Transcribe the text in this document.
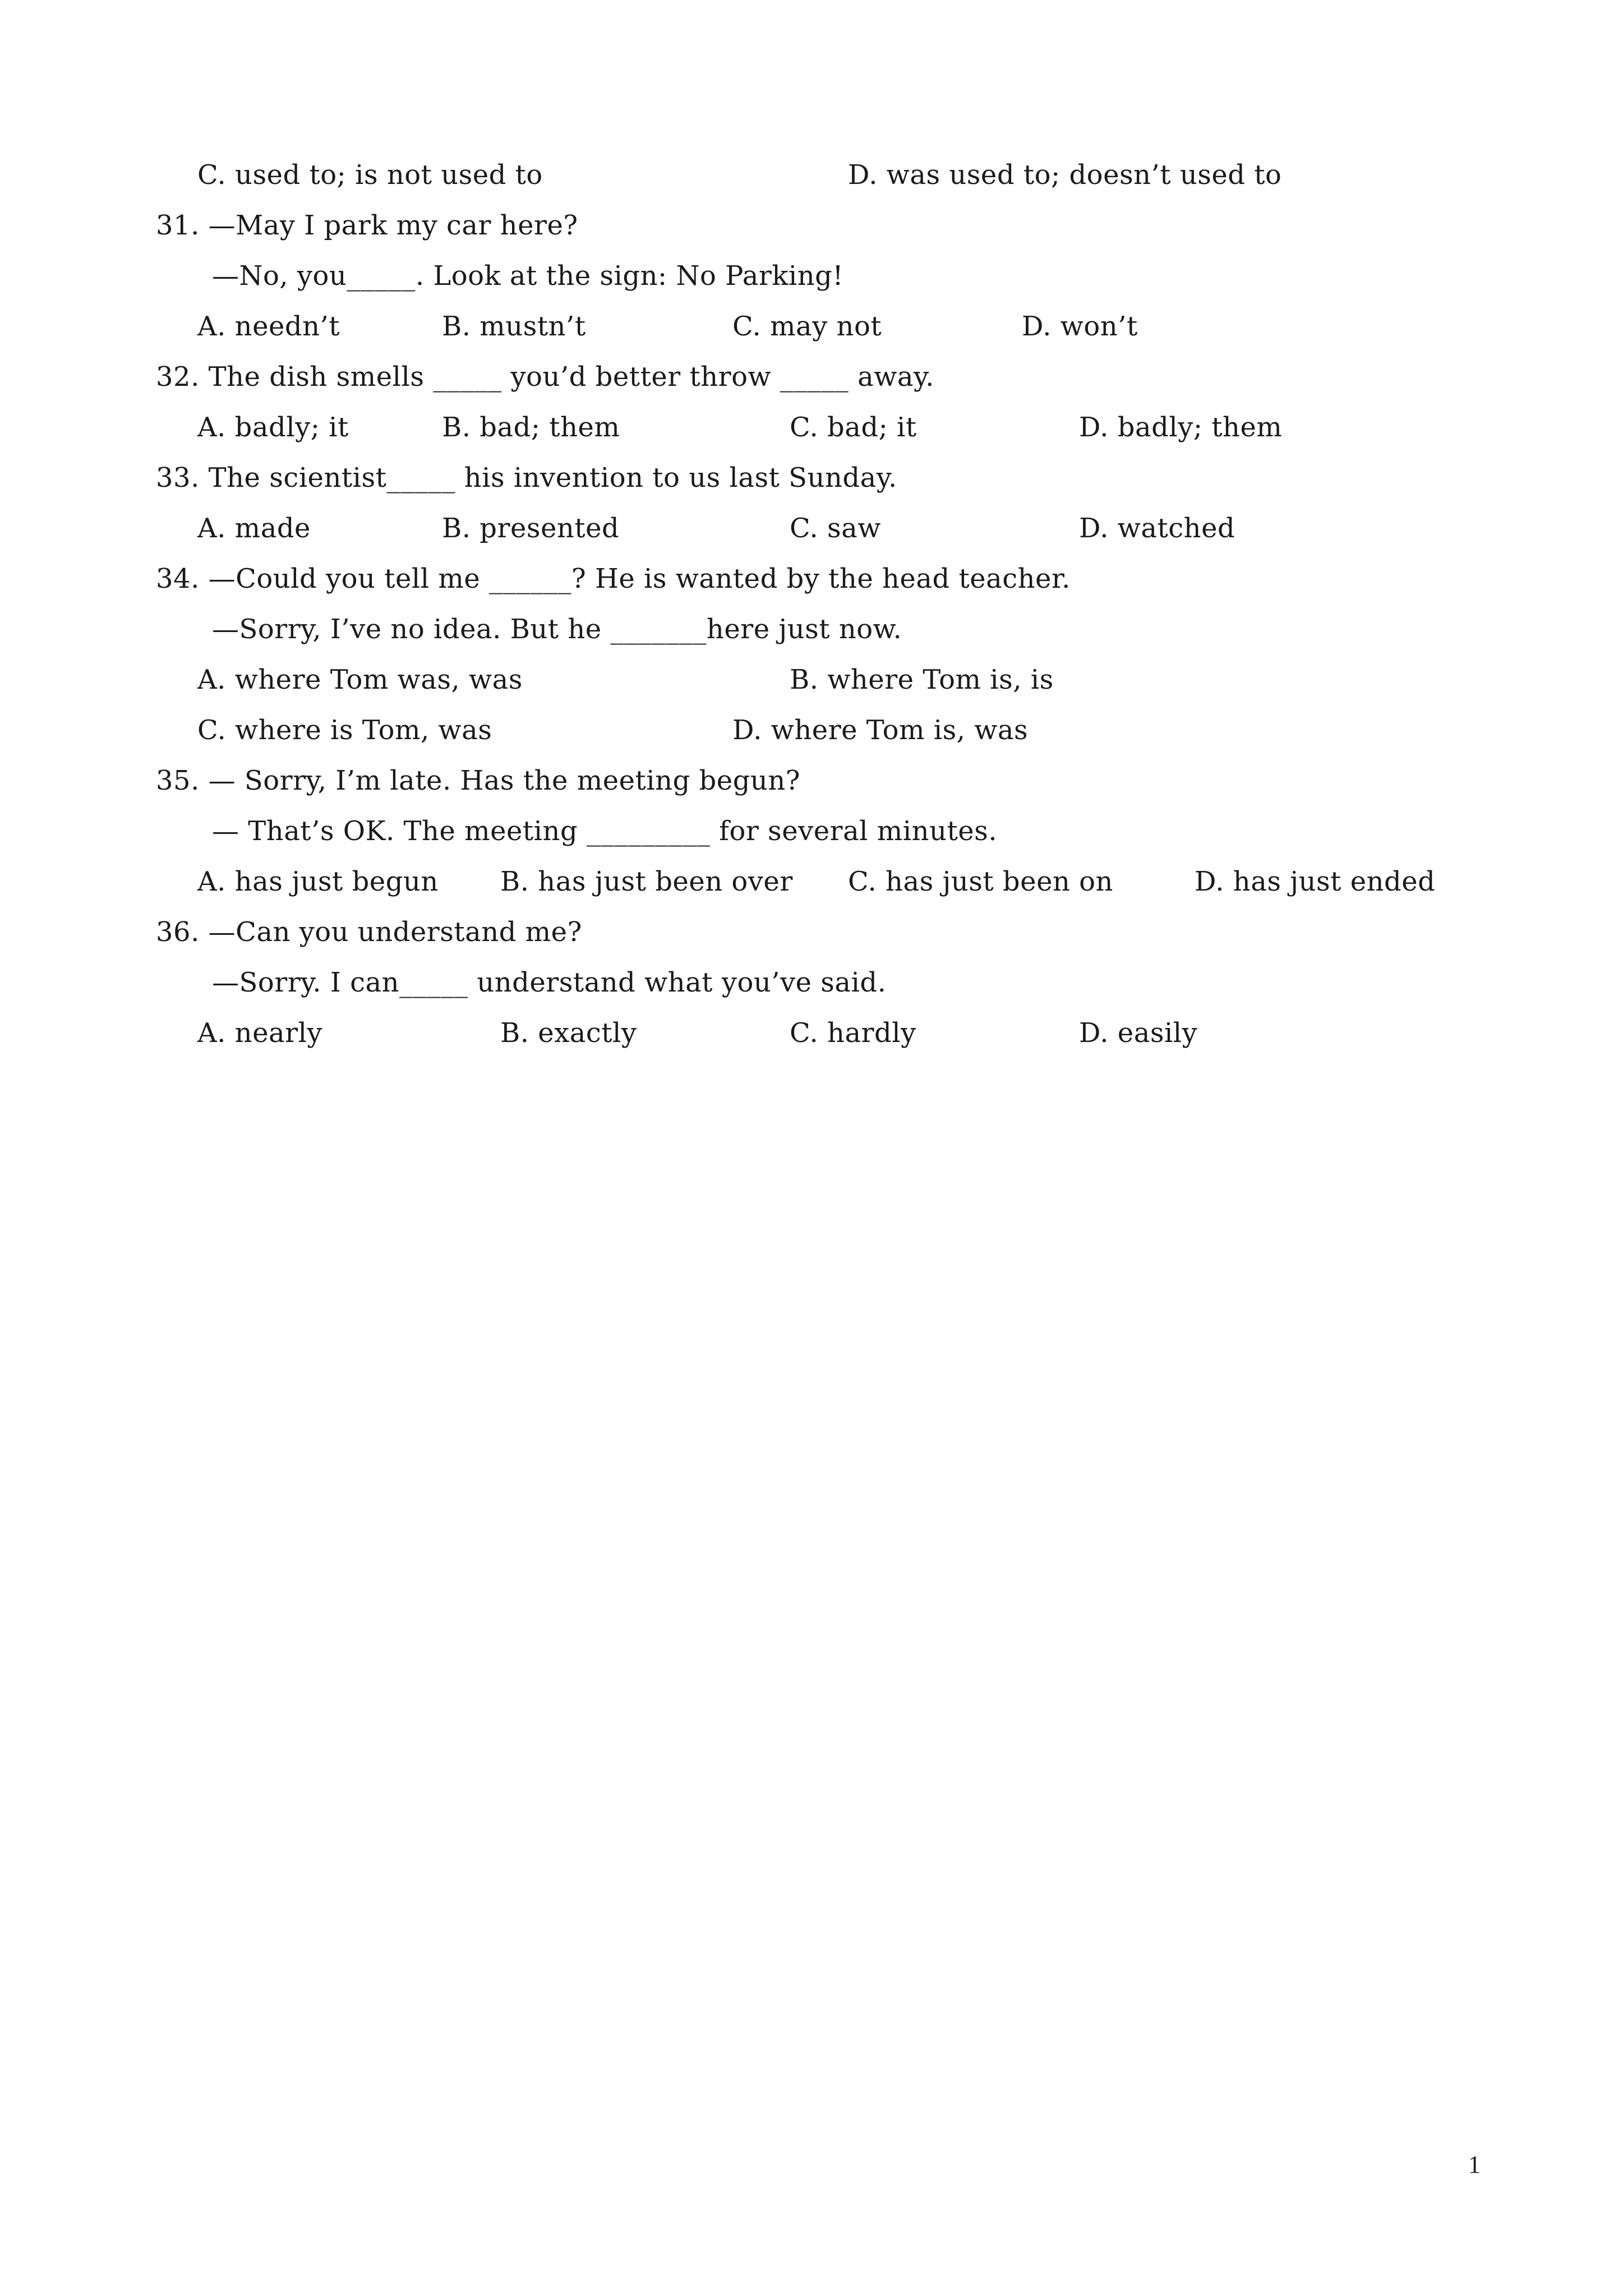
C. used to; is not used to	D. was used to; doesn’t used to
31. —May I park my car here?
—No, you_____. Look at the sign: No Parking!
A. needn’t	B. mustn’t	C. may not	D. won’t
32. The dish smells _____ you’d better throw _____ away.
A. badly; it	B. bad; them	C. bad; it	D. badly; them
33. The scientist_____ his invention to us last Sunday.
A. made	B. presented	C. saw	D. watched
34. —Could you tell me ______? He is wanted by the head teacher.
—Sorry, I’ve no idea. But he _______here just now.
A. where Tom was, was	B. where Tom is, is
C. where is Tom, was	D. where Tom is, was
35. — Sorry, I’m late. Has the meeting begun?
— That’s OK. The meeting _________ for several minutes.
A. has just begun B. has just been over C. has just been on	D. has just ended
36. —Can you understand me?
—Sorry. I can_____ understand what you’ve said.
A. nearly	B. exactly	C. hardly	D. easily
1
